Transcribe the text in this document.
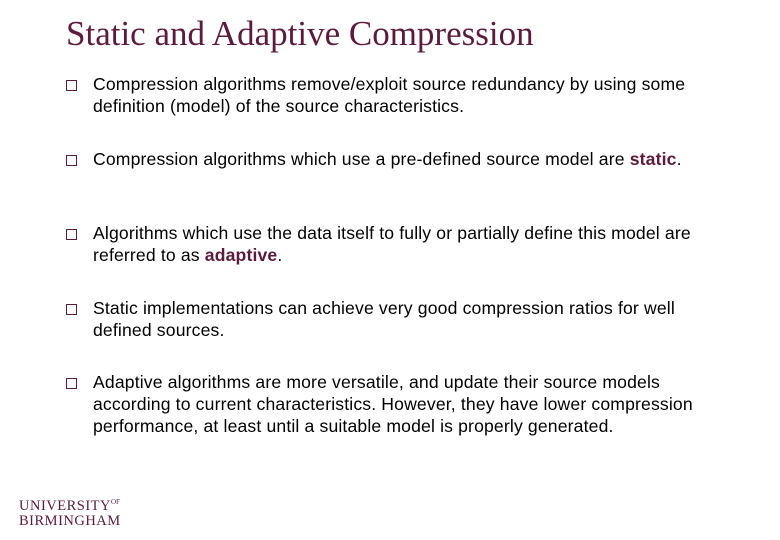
Static and Adaptive Compression
Compression algorithms remove/exploit source redundancy by using some definition (model) of the source characteristics.
Compression algorithms which use a pre-defined source model are static.
Algorithms which use the data itself to fully or partially define this model are referred to as adaptive.
Static implementations can achieve very good compression ratios for well defined sources.
Adaptive algorithms are more versatile, and update their source models according to current characteristics. However, they have lower compression performance, at least until a suitable model is properly generated.
$UNIVERSITY^{OF}$
BIRMINGHAM
